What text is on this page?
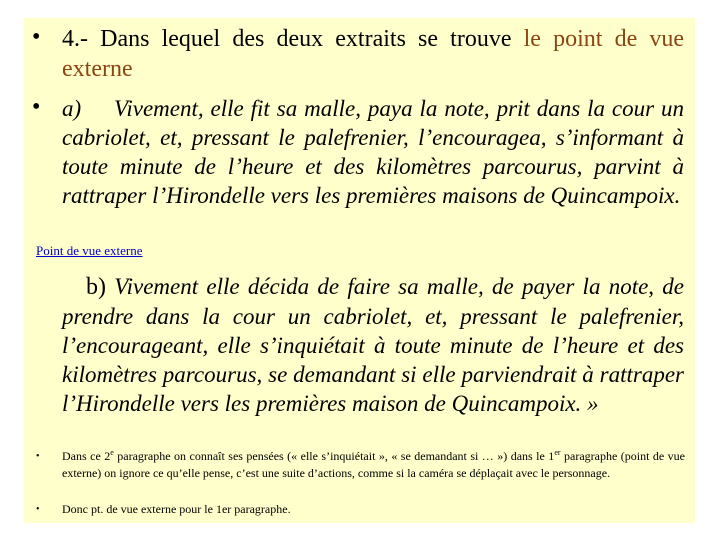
• 4.- Dans lequel des deux extraits se trouve le point de vue externe
• a) Vivement, elle fit sa malle, paya la note, prit dans la cour un cabriolet, et, pressant le palefrenier, l’encouragea, s’informant à toute minute de l’heure et des kilomètres parcourus, parvint à rattraper l’Hirondelle vers les premières maisons de Quincampoix.
Point de vue externe
b) Vivement elle décida de faire sa malle, de payer la note, de prendre dans la cour un cabriolet, et, pressant le palefrenier, l’encourageant, elle s’inquiétait à toute minute de l’heure et des kilomètres parcourus, se demandant si elle parviendrait à rattraper l’Hirondelle vers les premières maison de Quincampoix. »
• Dans ce 2e paragraphe on connaît ses pensées (« elle s’inquiétait », « se demandant si … ») dans le 1er paragraphe (point de vue externe) on ignore ce qu’elle pense, c’est une suite d’actions, comme si la caméra se déplaçait avec le personnage.
• Donc pt. de vue externe pour le 1er paragraphe.
